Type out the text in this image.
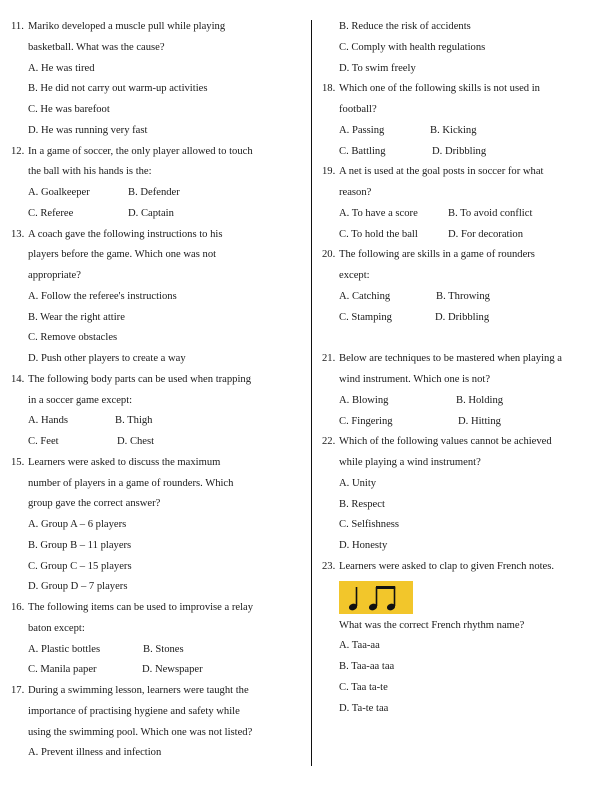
11. Mariko developed a muscle pull while playing
basketball. What was the cause?
A. He was tired
B. He did not carry out warm-up activities
C. He was barefoot
D. He was running very fast
12. In a game of soccer, the only player allowed to touch
the ball with his hands is the:
A. Goalkeeper	B. Defender
C. Referee	D. Captain
13. A coach gave the following instructions to his
players before the game. Which one was not
appropriate?
A. Follow the referee's instructions
B. Wear the right attire
C. Remove obstacles
D. Push other players to create a way
14. The following body parts can be used when trapping
in a soccer game except:
A. Hands	B. Thigh
C. Feet	D. Chest
15. Learners were asked to discuss the maximum
number of players in a game of rounders. Which
group gave the correct answer?
A. Group A – 6 players
B. Group B – 11 players
C. Group C – 15 players
D. Group D – 7 players
16. The following items can be used to improvise a relay
baton except:
A. Plastic bottles	B. Stones
C. Manila paper	D. Newspaper
17. During a swimming lesson, learners were taught the
importance of practising hygiene and safety while
using the swimming pool. Which one was not listed?
A. Prevent illness and infection
B. Reduce the risk of accidents
C. Comply with health regulations
D. To swim freely
18. Which one of the following skills is not used in
football?
A. Passing	B. Kicking
C. Battling	D. Dribbling
19. A net is used at the goal posts in soccer for what
reason?
A. To have a score	B. To avoid conflict
C. To hold the ball	D. For decoration
20. The following are skills in a game of rounders
except:
A. Catching	B. Throwing
C. Stamping	D. Dribbling
21. Below are techniques to be mastered when playing a
wind instrument. Which one is not?
A. Blowing	B. Holding
C. Fingering	D. Hitting
22. Which of the following values cannot be achieved
while playing a wind instrument?
A. Unity
B. Respect
C. Selfishness
D. Honesty
23. Learners were asked to clap to given French notes.
What was the correct French rhythm name?
A. Taa-aa
B. Taa-aa taa
C. Taa ta-te
D. Ta-te taa
